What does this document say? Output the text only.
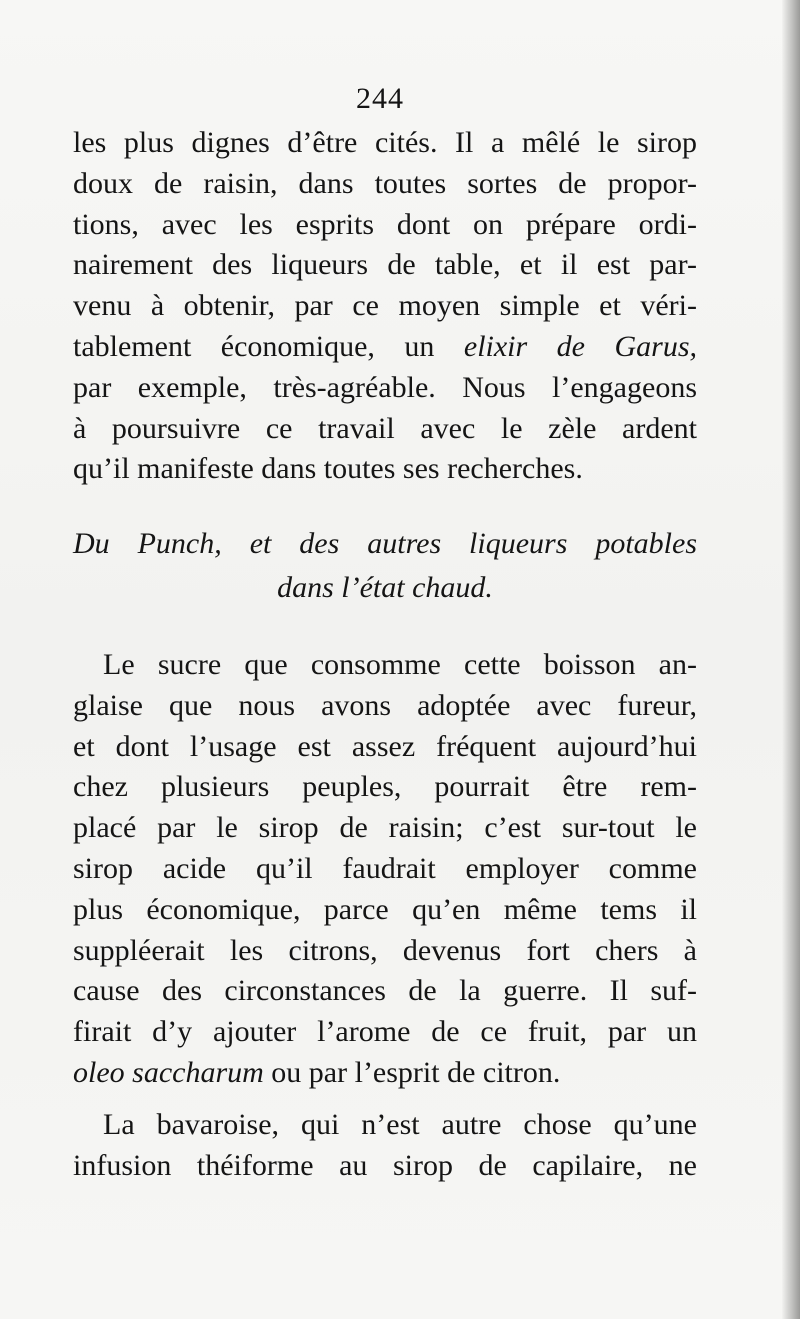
244
les plus dignes d’être cités. Il a mêlé le sirop
doux de raisin, dans toutes sortes de propor-
tions, avec les esprits dont on prépare ordi-
nairement des liqueurs de table, et il est par-
venu à obtenir, par ce moyen simple et véri-
tablement économique, un elixir de Garus,
par exemple, très-agréable. Nous l’engageons
à poursuivre ce travail avec le zèle ardent
qu’il manifeste dans toutes ses recherches.
Du Punch, et des autres liqueurs potables
dans l’état chaud.
Le sucre que consomme cette boisson an-
glaise que nous avons adoptée avec fureur,
et dont l’usage est assez fréquent aujourd’hui
chez plusieurs peuples, pourrait être rem-
placé par le sirop de raisin; c’est sur-tout le
sirop acide qu’il faudrait employer comme
plus économique, parce qu’en même tems il
suppléerait les citrons, devenus fort chers à
cause des circonstances de la guerre. Il suf-
firait d’y ajouter l’arome de ce fruit, par un
oleo saccharum ou par l’esprit de citron.
La bavaroise, qui n’est autre chose qu’une
infusion théiforme au sirop de capilaire, ne
